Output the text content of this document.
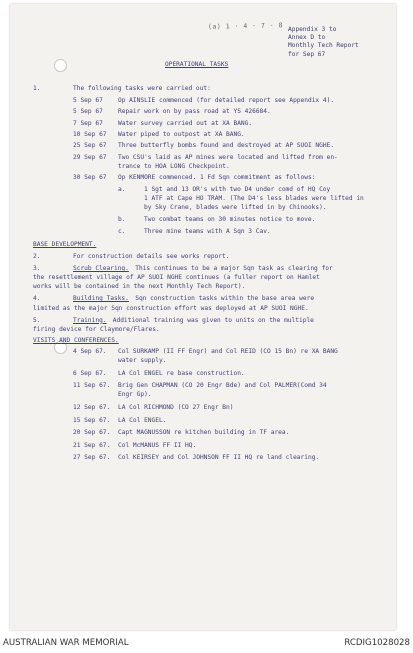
(a) 1 · 4 · 7 · 8 Appendix 3 to
Annex D to
Monthly Tech Report
for Sep 67
OPERATIONAL TASKS
1.	The following tasks were carried out:
5 Sep 67 Op AINSLIE commenced (for detailed report see Appendix 4).
5 Sep 67 Repair work on by pass road at YS 426684.
7 Sep 67 Water survey carried out at XA BANG.
10 Sep 67 Water piped to outpost at XA BANG.
25 Sep 67 Three butterfly bombs found and destroyed at AP SUOI NGHE.
29 Sep 67 Two CSU's laid as AP mines were located and lifted from en-
trance to HOA LONG Checkpoint.
30 Sep 67 Op KENMORE commenced. 1 Fd Sqn commitment as follows:
a.	1 Sgt and 13 OR's with two D4 under comd of HQ Coy
1 ATF at Cape HO TRAM. (The D4's less blades were lifted in
by Sky Crane, blades were lifted in by Chinooks).
b.	Two combat teams on 30 minutes notice to move.
c.	Three mine teams with A Sqn 3 Cav.
BASE DEVELOPMENT.
2.	For construction details see works report.
3.	Scrub Clearing. This continues to be a major Sqn task as clearing for
the resettlement village of AP SUOI NGHE continues (a fuller report on Hamlet
works will be contained in the next Monthly Tech Report).
4.	Building Tasks. Sqn construction tasks within the base area were
limited as the major Sqn construction effort was deployed at AP SUOI NGHE.
5.	Training. Additional training was given to units on the multiple
firing device for Claymore/Flares.
VISITS AND CONFERENCES.
4 Sep 67. Col SURKAMP (II FF Engr) and Col REID (CO 15 Bn) re XA BANG
water supply.
6 Sep 67. LA Col ENGEL re base construction.
11 Sep 67. Brig Gen CHAPMAN (CO 20 Engr Bde) and Col PALMER(Comd 34
Engr Gp).
12 Sep 67. LA Col RICHMOND (CO 27 Engr Bn)
15 Sep 67. LA Col ENGEL.
20 Sep 67. Capt MAGNUSSON re kitchen building in TF area.
21 Sep 67. Col McMANUS FF II HQ.
27 Sep 67. Col KEIRSEY and Col JOHNSON FF II HQ re land clearing.
AUSTRALIAN WAR MEMORIAL	RCDIG1028028
